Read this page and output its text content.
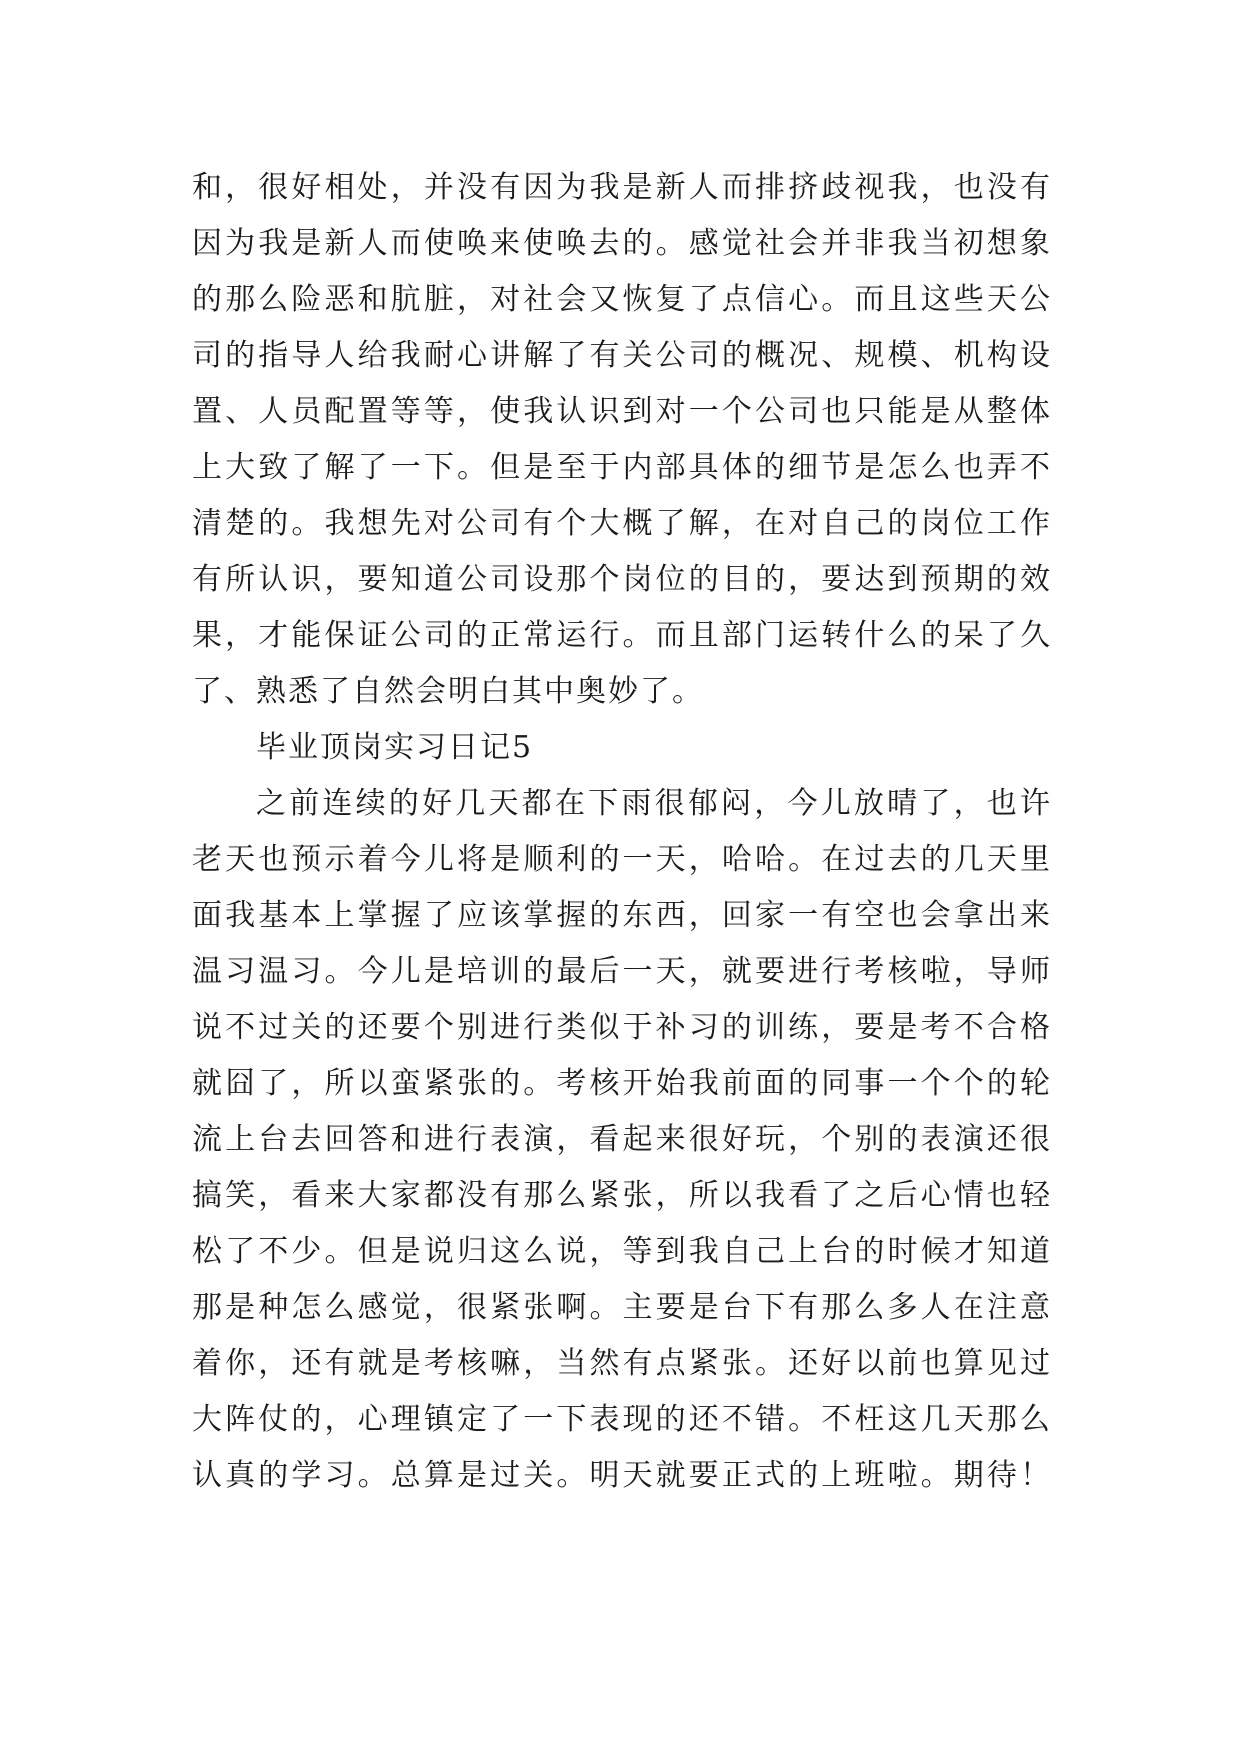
和，很好相处，并没有因为我是新人而排挤歧视我，也没有
因为我是新人而使唤来使唤去的。感觉社会并非我当初想象
的那么险恶和肮脏，对社会又恢复了点信心。而且这些天公
司的指导人给我耐心讲解了有关公司的概况、规模、机构设
置、人员配置等等，使我认识到对一个公司也只能是从整体
上大致了解了一下。但是至于内部具体的细节是怎么也弄不
清楚的。我想先对公司有个大概了解，在对自己的岗位工作
有所认识，要知道公司设那个岗位的目的，要达到预期的效
果，才能保证公司的正常运行。而且部门运转什么的呆了久
了、熟悉了自然会明白其中奥妙了。
毕业顶岗实习日记5
之前连续的好几天都在下雨很郁闷，今儿放晴了，也许
老天也预示着今儿将是顺利的一天，哈哈。在过去的几天里
面我基本上掌握了应该掌握的东西，回家一有空也会拿出来
温习温习。今儿是培训的最后一天，就要进行考核啦，导师
说不过关的还要个别进行类似于补习的训练，要是考不合格
就囧了，所以蛮紧张的。考核开始我前面的同事一个个的轮
流上台去回答和进行表演，看起来很好玩，个别的表演还很
搞笑，看来大家都没有那么紧张，所以我看了之后心情也轻
松了不少。但是说归这么说，等到我自己上台的时候才知道
那是种怎么感觉，很紧张啊。主要是台下有那么多人在注意
着你，还有就是考核嘛，当然有点紧张。还好以前也算见过
大阵仗的，心理镇定了一下表现的还不错。不枉这几天那么
认真的学习。总算是过关。明天就要正式的上班啦。期待！
